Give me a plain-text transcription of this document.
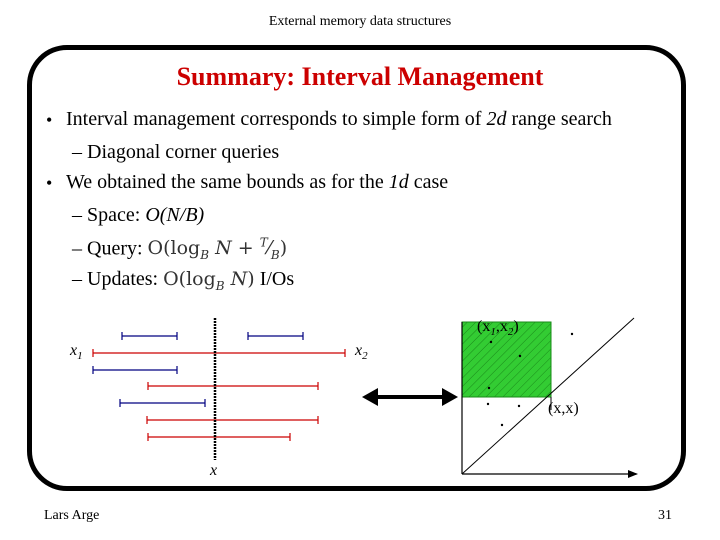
External memory data structures
Summary: Interval Management
• Interval management corresponds to simple form of 2d range search
– Diagonal corner queries
• We obtained the same bounds as for the 1d case
– Space: O(N/B)
– Query: $O(\log_B$ $N + ^T⁄_B$)
– Updates: $O(\log_B$ N) I/Os
$x_1$	$x_2$
x
$(x_1,x_2)$
(x,x)
Lars Arge	31
